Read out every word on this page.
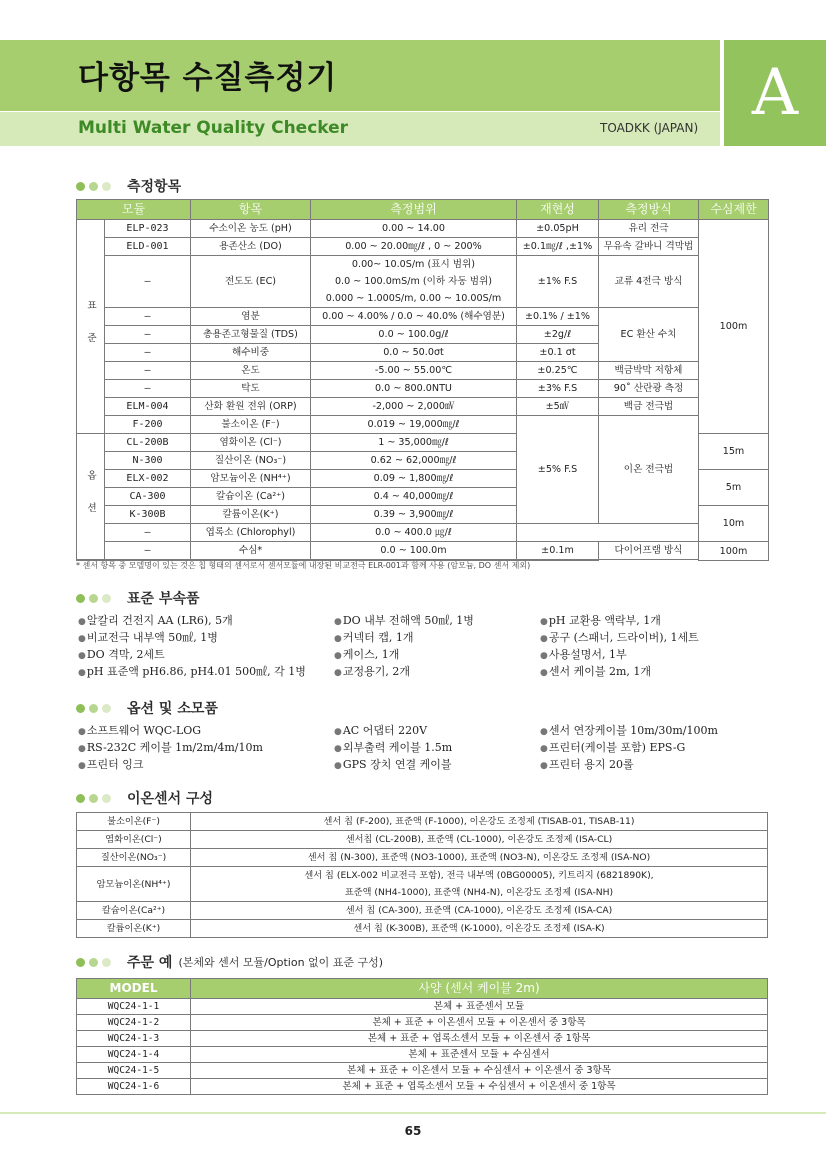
A
다항목 수질측정기
Multi Water Quality Checker	TOADKK (JAPAN)
측정항목
모듈		항목	측정범위	재현성	측정방식	수심제한
표 준	ELP-023	수소이온 농도 (pH)	0.00 ~ 14.00	±0.05pH	유리 전극	100m
	ELD-001	용존산소 (DO)	0.00 ~ 20.00㎎/ℓ , 0 ~ 200%	±0.1㎎/ℓ ,±1%	무유속 갈바니 격막법	
	–	전도도 (EC)	0.00~ 10.0S/m (표시 범위)
0.0 ~ 100.0mS/m (이하 자동 범위)
0.000 ~ 1.000S/m, 0.00 ~ 10.00S/m	±1% F.S	교류 4전극 방식	
	–	염분	0.00 ~ 4.00% / 0.0 ~ 40.0% (해수염분)	±0.1% / ±1%	EC 환산 수치	
	–	총용존고형물질 (TDS)	0.0 ~ 100.0g/ℓ	±2g/ℓ		
	–	해수비중	0.0 ~ 50.0σt	±0.1 σt		
	–	온도	-5.00 ~ 55.00℃	±0.25℃	백금박막 저항체	
	–	탁도	0.0 ~ 800.0NTU	±3% F.S	90˚ 산란광 측정	
	ELM-004	산화 환원 전위 (ORP)	-2,000 ~ 2,000㎷	±5㎷	백금 전극법	
	F-200	불소이온 (F⁻)	0.019 ~ 19,000㎎/ℓ	±5% F.S	이온 전극법	
옵 션	CL-200B	염화이온 (Cl⁻)	1 ~ 35,000㎎/ℓ			15m
	N-300	질산이온 (NO₃⁻)	0.62 ~ 62,000㎎/ℓ			
	ELX-002	암모늄이온 (NH⁴⁺)	0.09 ~ 1,800㎎/ℓ			5m
	CA-300	칼슘이온 (Ca²⁺)	0.4 ~ 40,000㎎/ℓ			
	K-300B	칼륨이온(K⁺)	0.39 ~ 3,900㎎/ℓ			10m
	–	엽록소 (Chlorophyl)	0.0 ~ 400.0 ㎍/ℓ			
	–	수심*	0.0 ~ 100.0m	±0.1m	다이어프램 방식	100m

* 센서 항목 중 모델명이 있는 것은 칩 형태의 센서로서 센서모듈에 내장된 비교전극 ELR-001과 함께 사용 (암모늄, DO 센서 제외)
표준 부속품
● 알칼리 건전지 AA (LR6), 5개	● DO 내부 전해액 50㎖, 1병	● pH 교환용 액락부, 1개
● 비교전극 내부액 50㎖, 1병	● 커넥터 캡, 1개	● 공구 (스패너, 드라이버), 1세트
● DO 격막, 2세트	● 케이스, 1개	● 사용설명서, 1부
● pH 표준액 pH6.86, pH4.01 500㎖, 각 1병	● 교정용기, 2개	● 센서 케이블 2m, 1개
옵션 및 소모품
● 소프트웨어 WQC-LOG	● AC 어댑터 220V	● 센서 연장케이블 10m/30m/100m
● RS-232C 케이블 1m/2m/4m/10m	● 외부출력 케이블 1.5m	● 프린터(케이블 포함) EPS-G
● 프린터 잉크	● GPS 장치 연결 케이블	● 프린터 용지 20롤
이온센서 구성
불소이온(F⁻)	센서 칩 (F-200), 표준액 (F-1000), 이온강도 조정제 (TISAB-01, TISAB-11)
염화이온(Cl⁻)	센서칩 (CL-200B), 표준액 (CL-1000), 이온강도 조정제 (ISA-CL)
질산이온(NO₃⁻)	센서 칩 (N-300), 표준액 (NO3-1000), 표준액 (NO3-N), 이온강도 조정제 (ISA-NO)
암모늄이온(NH⁴⁺)	센서 칩 (ELX-002 비교전극 포함), 전극 내부액 (0BG00005), 키트리지 (6821890K),
표준액 (NH4-1000), 표준액 (NH4-N), 이온강도 조정제 (ISA-NH)

칼슘이온(Ca²⁺)	센서 칩 (CA-300), 표준액 (CA-1000), 이온강도 조정제 (ISA-CA)
칼륨이온(K⁺)	센서 칩 (K-300B), 표준액 (K-1000), 이온강도 조정제 (ISA-K)
주문 예 (본체와 센서 모듈/Option 없이 표준 구성)
MODEL	사양 (센서 케이블 2m)
WQC24-1-1	본체 + 표준센서 모듈
WQC24-1-2	본체 + 표준 + 이온센서 모듈 + 이온센서 중 3항목
WQC24-1-3	본체 + 표준 + 엽록소센서 모듈 + 이온센서 중 1항목
WQC24-1-4	본체 + 표준센서 모듈 + 수심센서
WQC24-1-5	본체 + 표준 + 이온센서 모듈 + 수심센서 + 이온센서 중 3항목
WQC24-1-6	본체 + 표준 + 엽록소센서 모듈 + 수심센서 + 이온센서 중 1항목
65
